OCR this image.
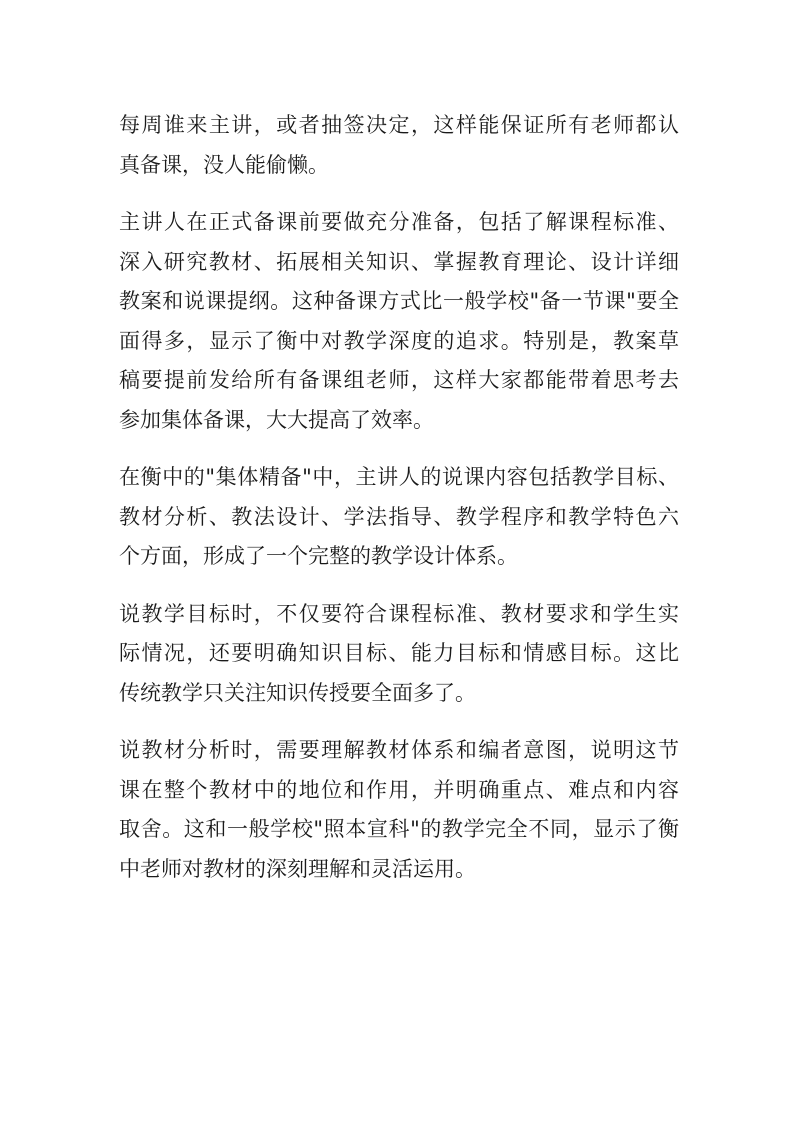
每周谁来主讲，或者抽签决定，这样能保证所有老师都认
真备课，没人能偷懒。

主讲人在正式备课前要做充分准备，包括了解课程标准、
深入研究教材、拓展相关知识、掌握教育理论、设计详细
教案和说课提纲。这种备课方式比一般学校"备一节课"要全
面得多，显示了衡中对教学深度的追求。特别是，教案草
稿要提前发给所有备课组老师，这样大家都能带着思考去
参加集体备课，大大提高了效率。

在衡中的"集体精备"中，主讲人的说课内容包括教学目标、
教材分析、教法设计、学法指导、教学程序和教学特色六
个方面，形成了一个完整的教学设计体系。

说教学目标时，不仅要符合课程标准、教材要求和学生实
际情况，还要明确知识目标、能力目标和情感目标。这比
传统教学只关注知识传授要全面多了。

说教材分析时，需要理解教材体系和编者意图，说明这节
课在整个教材中的地位和作用，并明确重点、难点和内容
取舍。这和一般学校"照本宣科"的教学完全不同，显示了衡
中老师对教材的深刻理解和灵活运用。
